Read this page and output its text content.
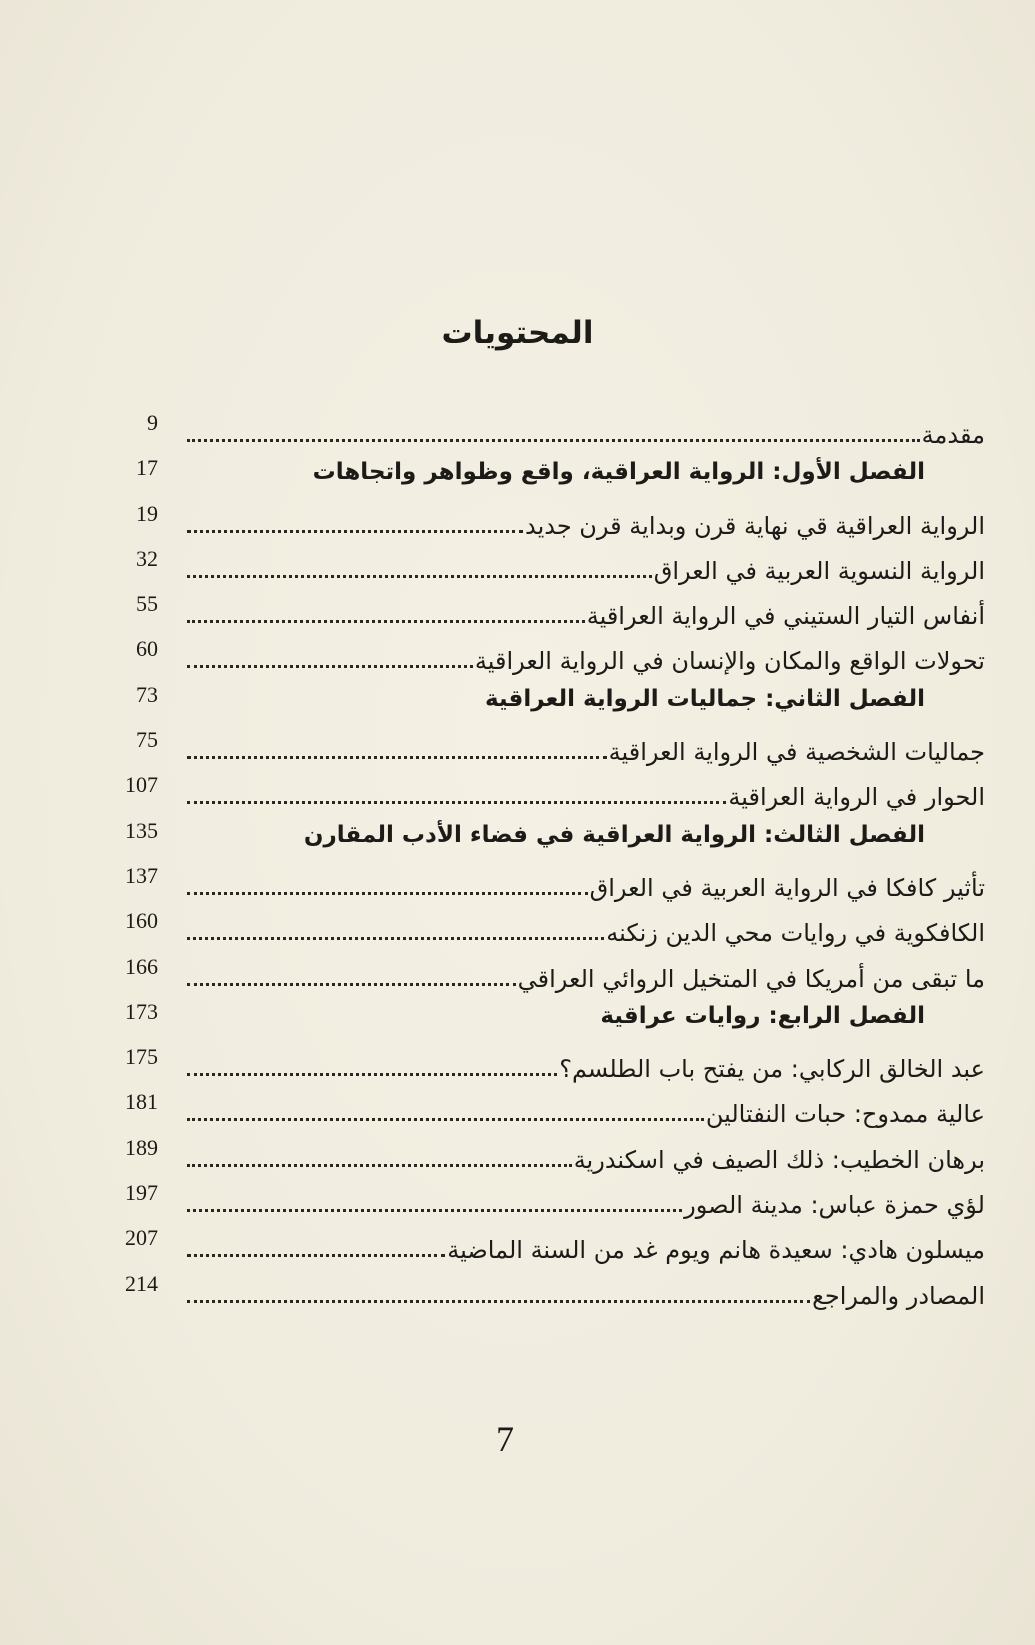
المحتويات
9	مقدمة
17	الفصل الأول: الرواية العراقية، واقع وظواهر واتجاهات
19	الرواية العراقية قي نهاية قرن وبداية قرن جديد
32	الرواية النسوية العربية في العراق
55	أنفاس التيار الستيني في الرواية العراقية
60	تحولات الواقع والمكان والإنسان في الرواية العراقية
73	الفصل الثاني: جماليات الرواية العراقية
75	جماليات الشخصية في الرواية العراقية
107	الحوار في الرواية العراقية
135	الفصل الثالث: الرواية العراقية في فضاء الأدب المقارن
137	تأثير كافكا في الرواية العربية في العراق
160	الكافكوية في روايات محي الدين زنكنه
166	ما تبقى من أمريكا في المتخيل الروائي العراقي
173	الفصل الرابع: روايات عراقية
175	عبد الخالق الركابي: من يفتح باب الطلسم؟
181	عالية ممدوح: حبات النفتالين
189	برهان الخطيب: ذلك الصيف في اسكندرية
197	لؤي حمزة عباس: مدينة الصور
207	ميسلون هادي: سعيدة هانم ويوم غد من السنة الماضية
214	المصادر والمراجع

7
